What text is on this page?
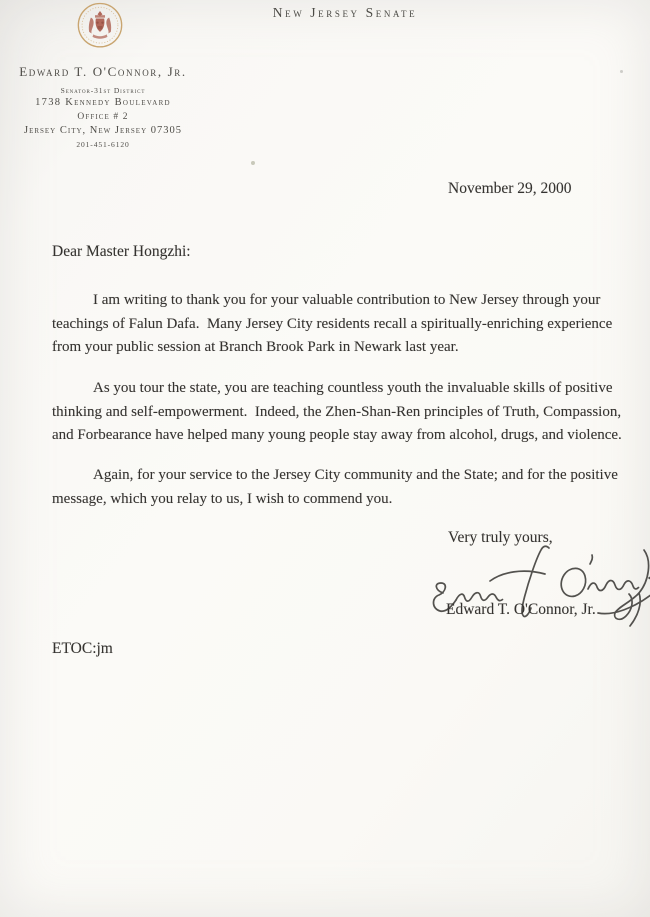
New Jersey Senate
Edward T. O'Connor, Jr.
Senator-31st District
1738 Kennedy Boulevard
Office # 2
Jersey City, New Jersey 07305
201-451-6120
November 29, 2000
Dear Master Hongzhi:
I am writing to thank you for your valuable contribution to New Jersey through your
teachings of Falun Dafa.  Many Jersey City residents recall a spiritually-enriching experience
from your public session at Branch Brook Park in Newark last year.
As you tour the state, you are teaching countless youth the invaluable skills of positive
thinking and self-empowerment.  Indeed, the Zhen-Shan-Ren principles of Truth, Compassion,
and Forbearance have helped many young people stay away from alcohol, drugs, and violence.
Again, for your service to the Jersey City community and the State; and for the positive
message, which you relay to us, I wish to commend you.
Very truly yours,
Edward T. O'Connor, Jr.
ETOC:jm
